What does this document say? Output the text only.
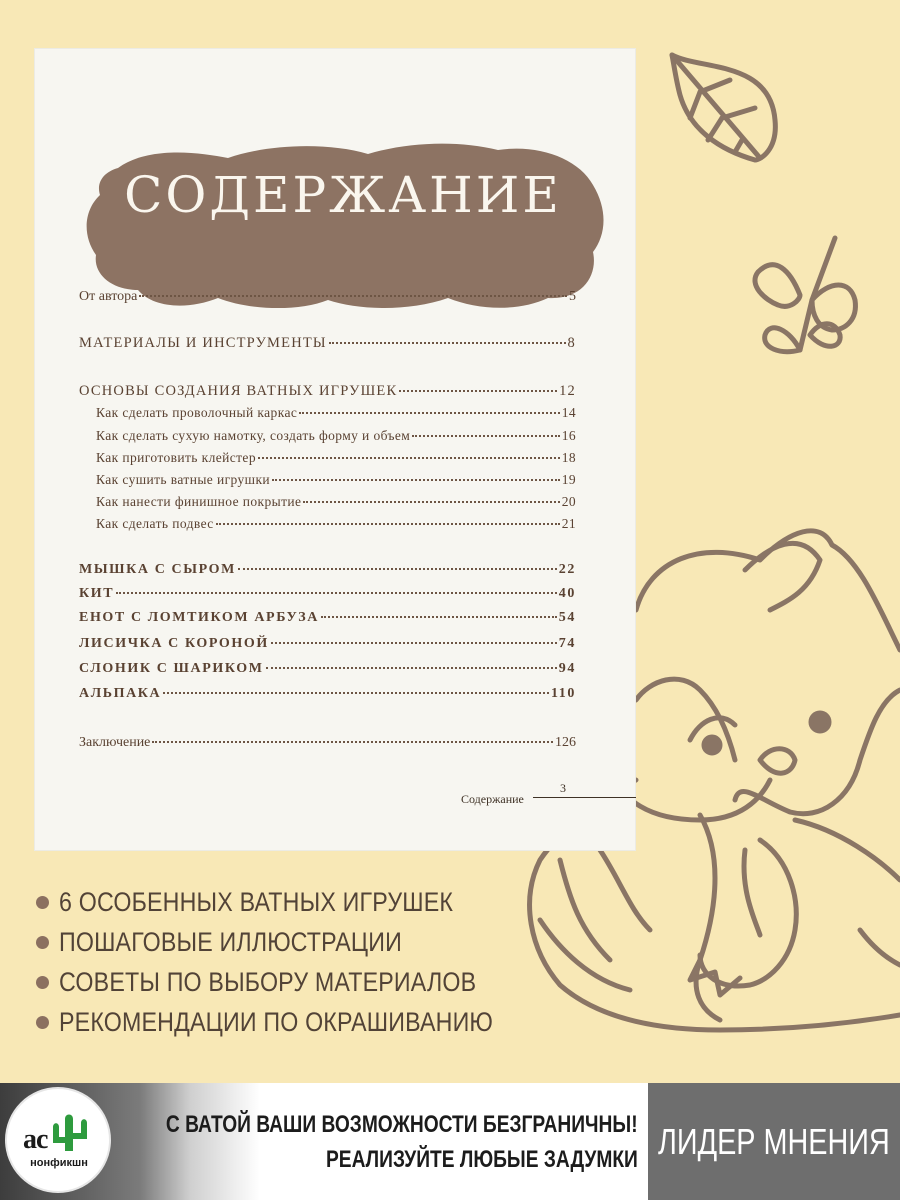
СОДЕРЖАНИЕ
От автора	5
МАТЕРИАЛЫ И ИНСТРУМЕНТЫ	8
ОСНОВЫ СОЗДАНИЯ ВАТНЫХ ИГРУШЕК	12
Как сделать проволочный каркас	14
Как сделать сухую намотку, создать форму и объем	16
Как приготовить клейстер	18
Как сушить ватные игрушки	19
Как нанести финишное покрытие	20
Как сделать подвес	21
МЫШКА С СЫРОМ	22
КИТ	40
ЕНОТ С ЛОМТИКОМ АРБУЗА	54
ЛИСИЧКА С КОРОНОЙ	74
СЛОНИК С ШАРИКОМ	94
АЛЬПАКА	110
Заключение	126
Содержание
3
6 ОСОБЕННЫХ ВАТНЫХ ИГРУШЕК
ПОШАГОВЫЕ ИЛЛЮСТРАЦИИ
СОВЕТЫ ПО ВЫБОРУ МАТЕРИАЛОВ
РЕКОМЕНДАЦИИ ПО ОКРАШИВАНИЮ
ас
нонфикшн
С ВАТОЙ ВАШИ ВОЗМОЖНОСТИ БЕЗГРАНИЧНЫ!
РЕАЛИЗУЙТЕ ЛЮБЫЕ ЗАДУМКИ ЛИДЕР МНЕНИЯ
